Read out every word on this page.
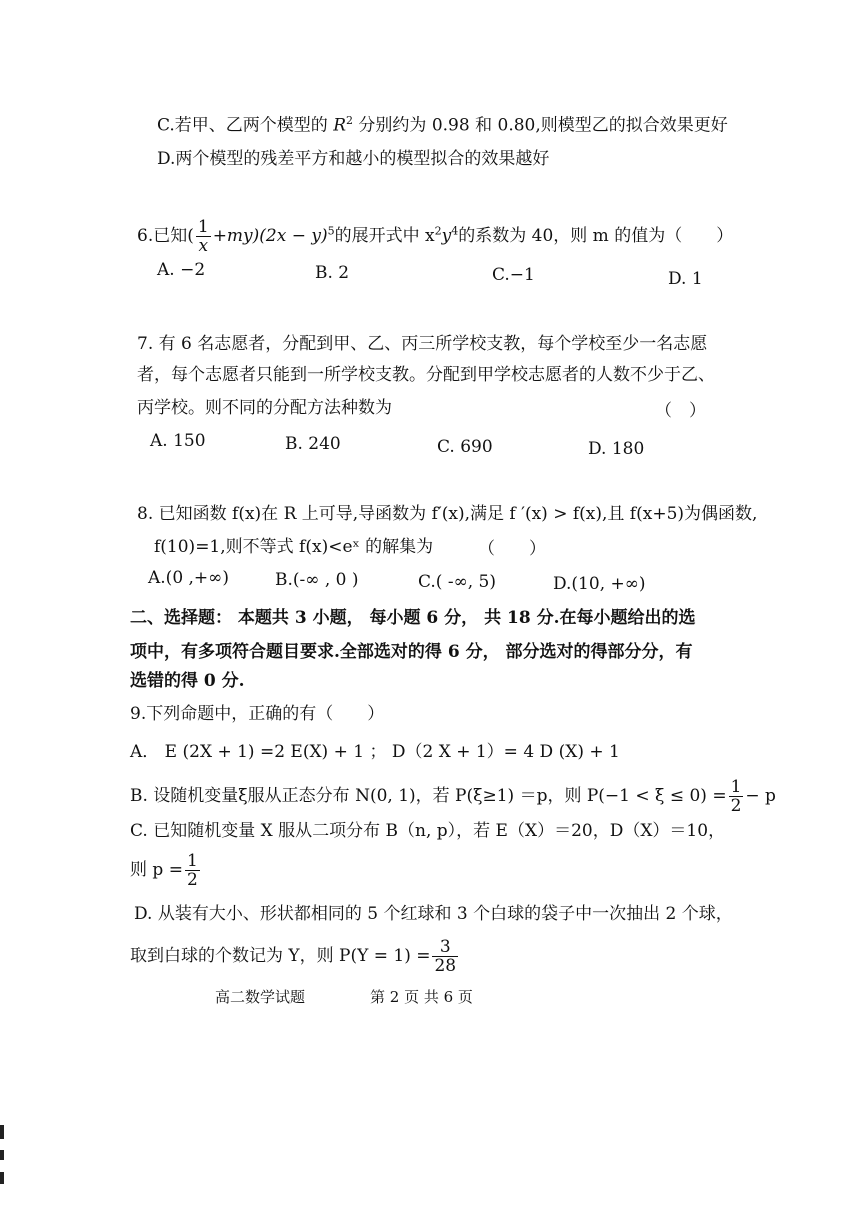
C.若甲、乙两个模型的 $R^2$ 分别约为 0.98 和 0.80,则模型乙的拟合效果更好
D.两个模型的残差平方和越小的模型拟合的效果越好
6.已知( $\frac{1}{x} +my)(2x - y)^5$的展开式中 $x^2y^4$的系数为 40，则 m 的值为（　　）
A. −2	B. 2	C.−1	D. 1
7. 有 6 名志愿者，分配到甲、乙、丙三所学校支教，每个学校至少一名志愿
者，每个志愿者只能到一所学校支教。分配到甲学校志愿者的人数不少于乙、
丙学校。则不同的分配方法种数为	（　）
A. 150	B. 240	C. 690	D. 180
8. 已知函数 f(x)在 R 上可导,导函数为 f′(x),满足 f ′(x) > f(x),且 f(x+5)为偶函数,
f(10)=1,则不等式 f(x)<eˣ 的解集为	（　　）
A.(0 ,+∞)	B.(-∞ , 0 )	C.( -∞, 5)	D.(10, +∞)
二、选择题： 本题共 3 小题， 每小题 6 分， 共 18 分.在每小题给出的选
项中，有多项符合题目要求.全部选对的得 6 分， 部分选对的得部分分，有
选错的得 0 分.
9.下列命题中，正确的有（　　）
A． E (2X + 1) =2 E(X) + 1 ； D（2 X + 1）= 4 D (X) + 1
B. 设随机变量ξ服从正态分布 N(0, 1)，若 P(ξ≥1) ＝p，则 $P(-1 < \xi \le 0) = \frac{1}{2} - p$
C. 已知随机变量 X 服从二项分布 B（n, p），若 E（X）＝20，D（X）＝10，
则 $p = \frac{1}{2}$
D. 从装有大小、形状都相同的 5 个红球和 3 个白球的袋子中一次抽出 2 个球，
取到白球的个数记为 Y，则 $P(Y = 1) = \frac{3}{28}$
高二数学试题	第 2 页 共 6 页
